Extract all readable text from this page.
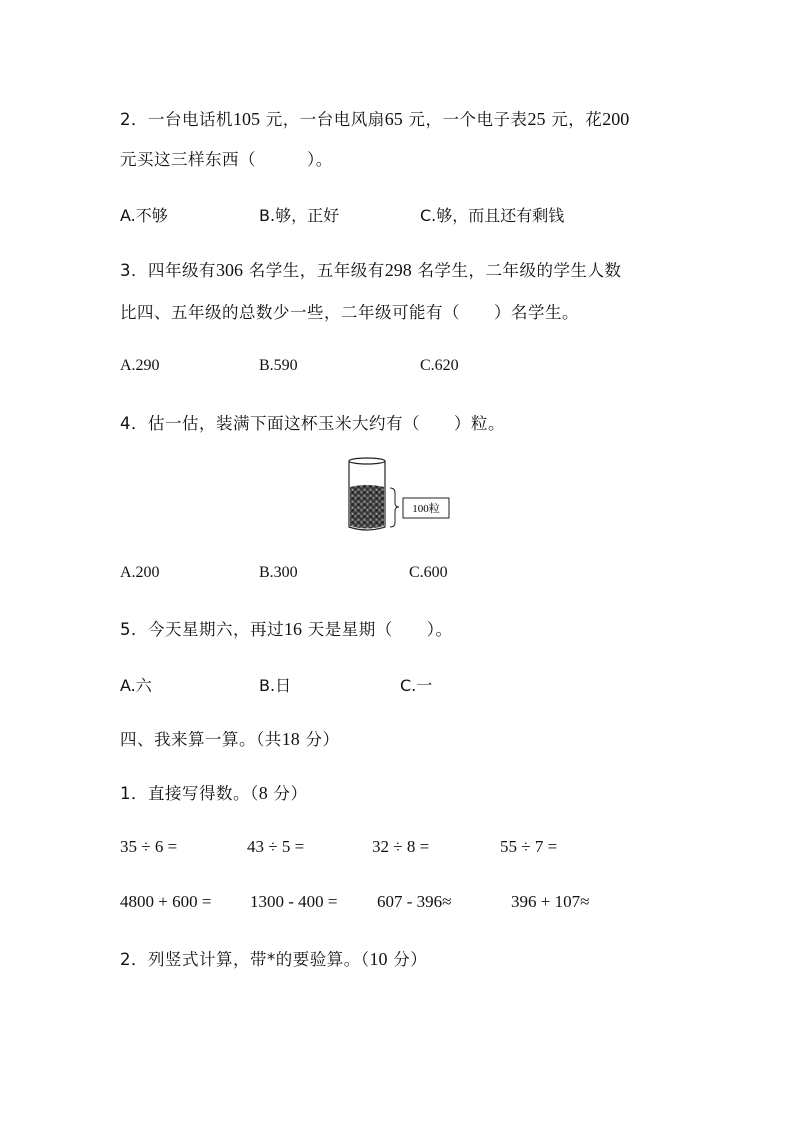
2．一台电话机105 元，一台电风扇65 元，一个电子表25 元，花200
元买这三样东西（　　　）。
A.不够	B.够，正好	C.够，而且还有剩钱
3．四年级有306 名学生，五年级有298 名学生，二年级的学生人数
比四、五年级的总数少一些，二年级可能有（　　）名学生。
A.290	B.590	C.620
4．估一估，装满下面这杯玉米大约有（　　）粒。
100粒
A.200	B.300	C.600
5．今天星期六，再过16 天是星期（　　）。
A.六	B.日	C.一
四、我来算一算。（共18 分）
1．直接写得数。（8 分）
35 ÷ 6 =	43 ÷ 5 =	32 ÷ 8 =	55 ÷ 7 =
4800 + 600 = 1300 - 400 = 607 - 396≈	396 + 107≈
2．列竖式计算，带*的要验算。（10 分）
